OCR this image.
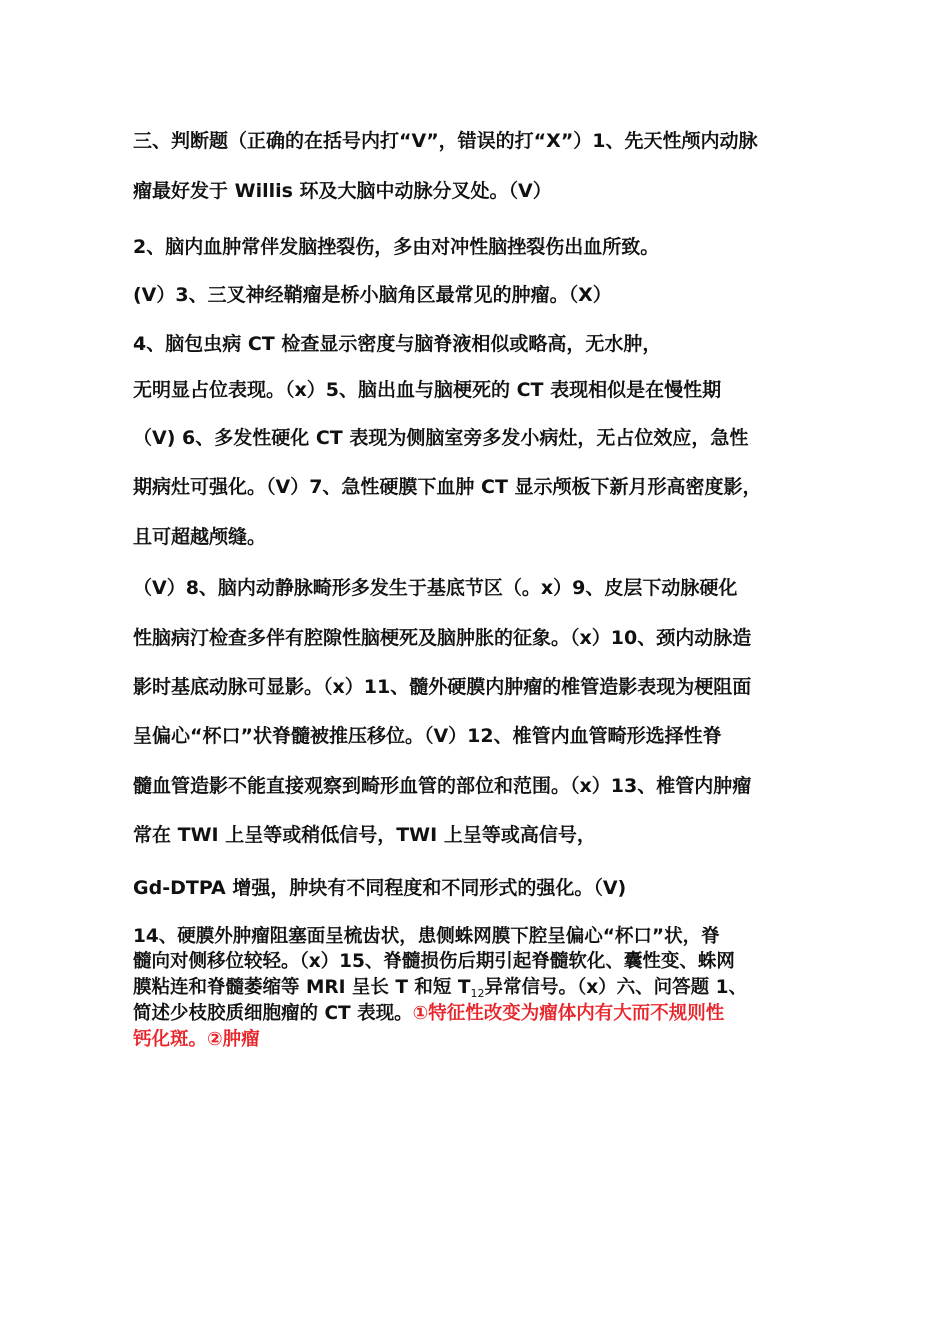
三、判断题（正确的在括号内打“V”，错误的打“X”）1、先天性颅内动脉
瘤最好发于 Willis 环及大脑中动脉分叉处。（V）
2、脑内血肿常伴发脑挫裂伤，多由对冲性脑挫裂伤出血所致。
(V）3、三叉神经鞘瘤是桥小脑角区最常见的肿瘤。（X）
4、脑包虫病 CT 检查显示密度与脑脊液相似或略高，无水肿，
无明显占位表现。（x）5、脑出血与脑梗死的 CT 表现相似是在慢性期
（V) 6、多发性硬化 CT 表现为侧脑室旁多发小病灶，无占位效应，急性
期病灶可强化。（V）7、急性硬膜下血肿 CT 显示颅板下新月形高密度影，
且可超越颅缝。
（V）8、脑内动静脉畸形多发生于基底节区（。x）9、皮层下动脉硬化
性脑病汀检查多伴有腔隙性脑梗死及脑肿胀的征象。（x）10、颈内动脉造
影时基底动脉可显影。（x）11、髓外硬膜内肿瘤的椎管造影表现为梗阻面
呈偏心“杯口”状脊髓被推压移位。（V）12、椎管内血管畸形选择性脊
髓血管造影不能直接观察到畸形血管的部位和范围。（x）13、椎管内肿瘤
常在 TWI 上呈等或稍低信号，TWI 上呈等或高信号，
Gd-DTPA 增强，肿块有不同程度和不同形式的强化。（V)
14、硬膜外肿瘤阻塞面呈梳齿状，患侧蛛网膜下腔呈偏心“杯口”状，脊
髓向对侧移位较轻。（x）15、脊髓损伤后期引起脊髓软化、囊性变、蛛网
膜粘连和脊髓萎缩等 MRI 呈长 T 和短 $T_{12}$异常信号。（x）六、问答题 1、
简述少枝胶质细胞瘤的 CT 表现。①特征性改变为瘤体内有大而不规则性
钙化斑。②肿瘤
